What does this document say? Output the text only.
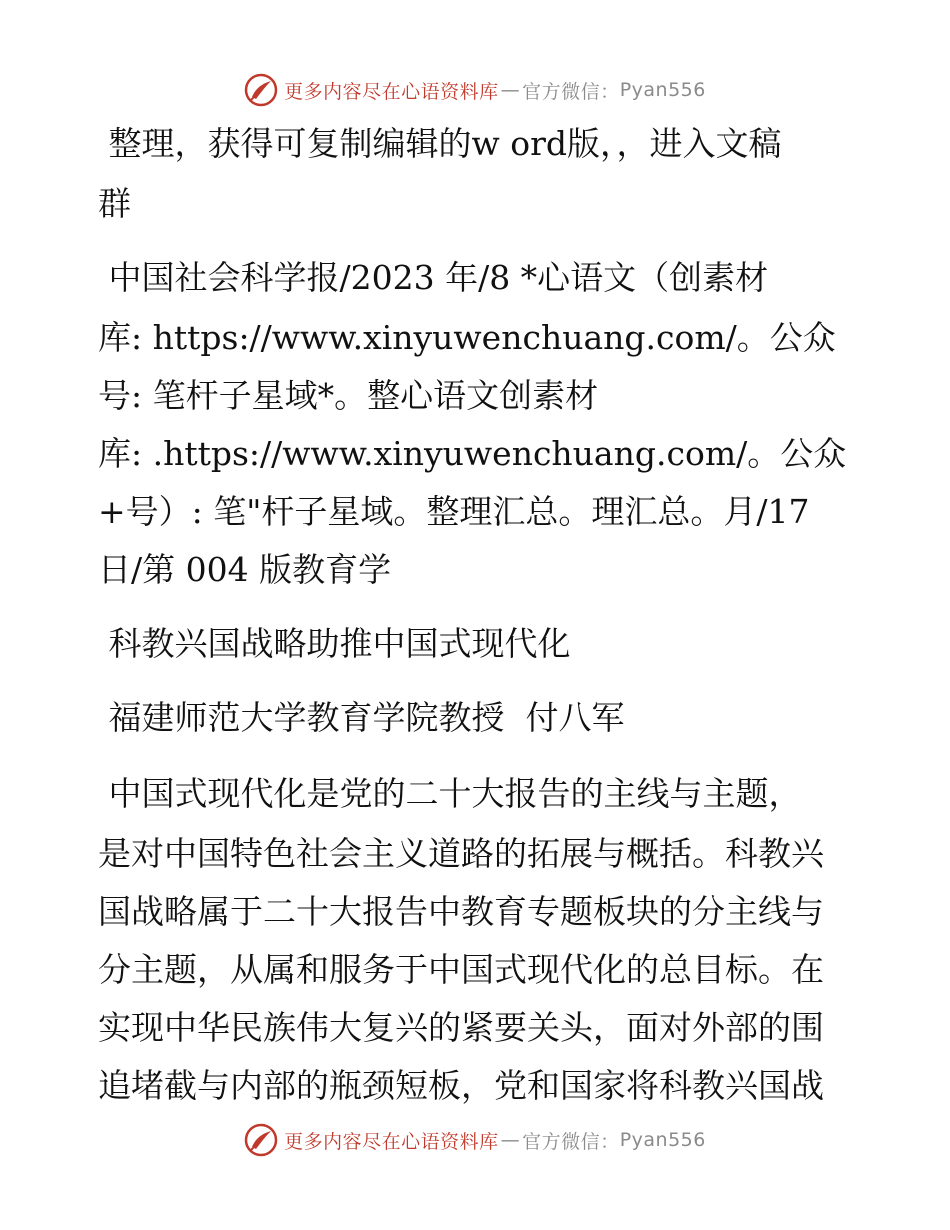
更多内容尽在心语资料库 — 官方微信： Pyan556
整理，获得可复制编辑的w ord版，，进入文稿
群
中国社会科学报/2023 年/8 *心语文（创素材
库: https://www.xinyuwenchuang.com/。公众
号: 笔杆子星域*。整心语文创素材
库: .https://www.xinyuwenchuang.com/。公众
+号）: 笔"杆子星域。整理汇总。理汇总。月/17
日/第 004 版教育学
科教兴国战略助推中国式现代化
福建师范大学教育学院教授  付八军
中国式现代化是党的二十大报告的主线与主题，
是对中国特色社会主义道路的拓展与概括。科教兴
国战略属于二十大报告中教育专题板块的分主线与
分主题，从属和服务于中国式现代化的总目标。在
实现中华民族伟大复兴的紧要关头，面对外部的围
追堵截与内部的瓶颈短板，党和国家将科教兴国战
更多内容尽在心语资料库 — 官方微信： Pyan556
